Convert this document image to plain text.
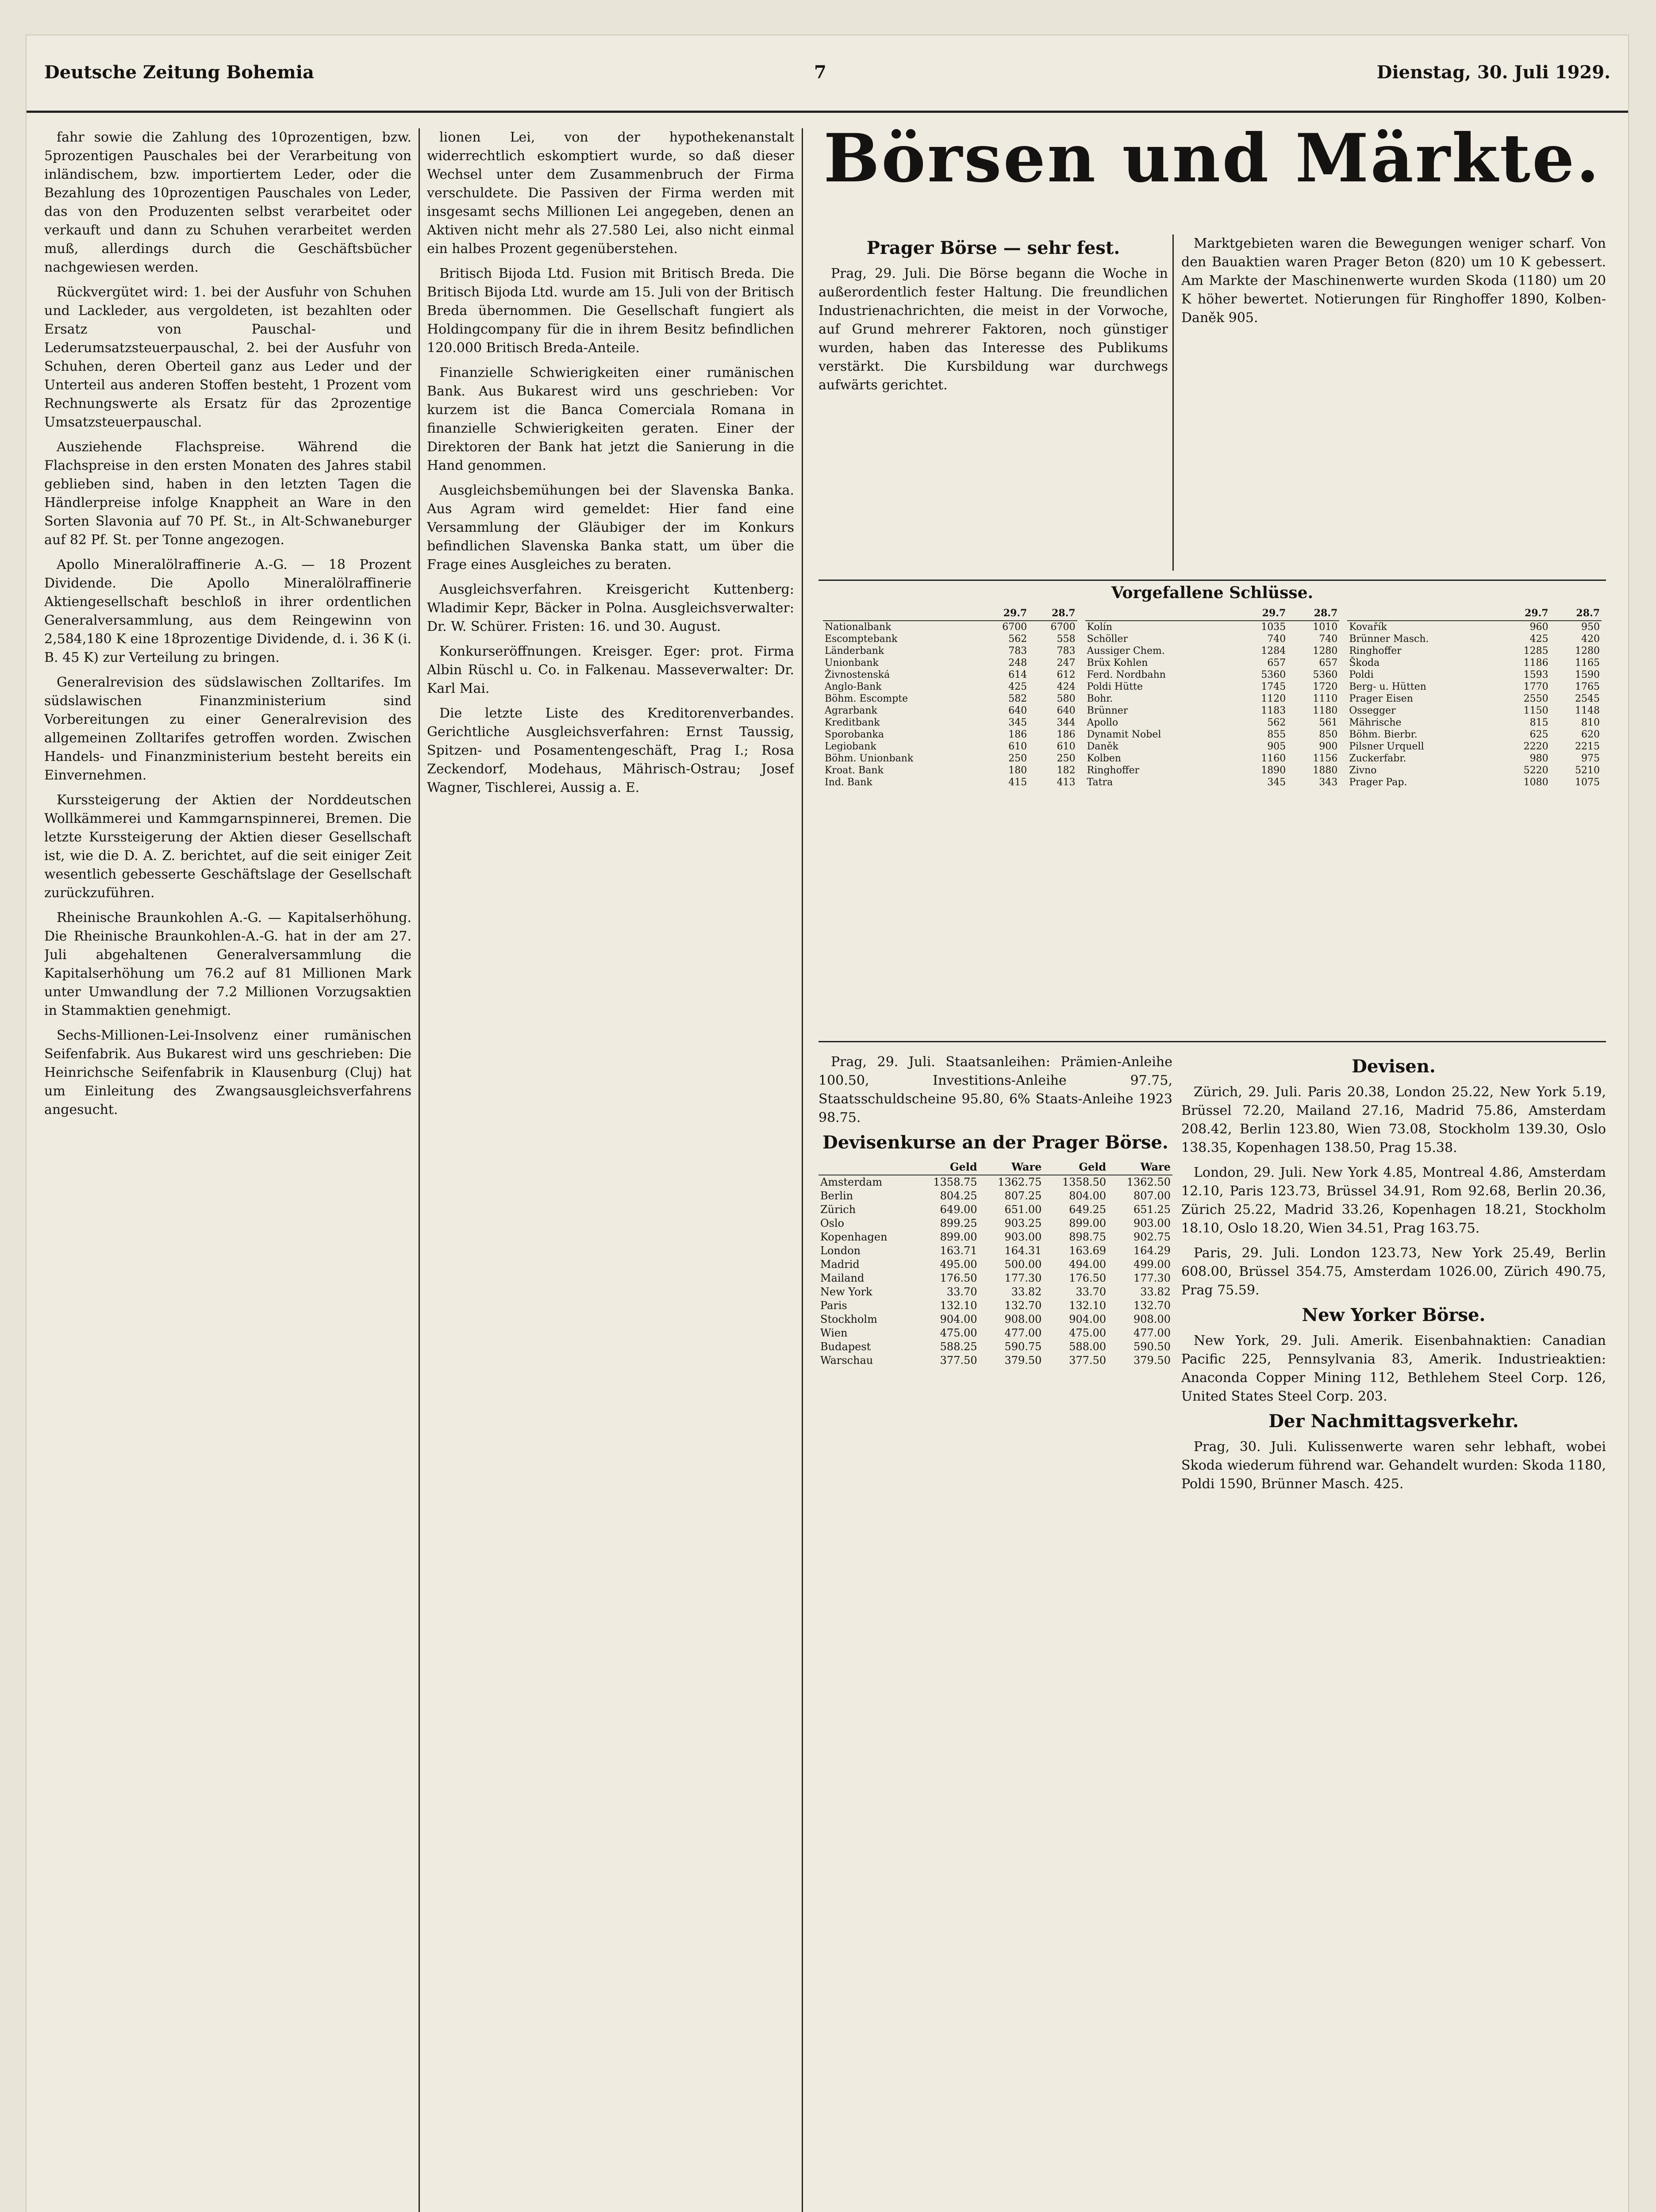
Deutsche Zeitung Bohemia	7	Dienstag, 30. Juli 1929.

fahr sowie die Zahlung des 10prozentigen, bzw. 5prozentigen Pauschales bei der Verarbeitung von inländischem, bzw. importiertem Leder, oder die Bezahlung des 10prozentigen Pauschales von Leder, das von den Produzenten selbst verarbeitet oder verkauft und dann zu Schuhen verarbeitet werden muß, allerdings durch die Geschäftsbücher nachgewiesen werden.

Rückvergütet wird: 1. bei der Ausfuhr von Schuhen und Lackleder, aus vergoldeten, ist bezahlten oder Ersatz von Pauschal- und Lederumsatzsteuerpauschal, 2. bei der Ausfuhr von Schuhen, deren Oberteil ganz aus Leder und der Unterteil aus anderen Stoffen besteht, 1 Prozent vom Rechnungswerte als Ersatz für das 2prozentige Umsatzsteuerpauschal.

Ausziehende Flachspreise. Während die Flachspreise in den ersten Monaten des Jahres stabil geblieben sind, haben in den letzten Tagen die Händlerpreise infolge Knappheit an Ware in den Sorten Slavonia auf 70 Pf. St., in Alt-Schwaneburger auf 82 Pf. St. per Tonne angezogen.

Apollo Mineralölraffinerie A.-G. — 18 Prozent Dividende. Die Apollo Mineralölraffinerie Aktiengesellschaft beschloß in ihrer ordentlichen Generalversammlung, aus dem Reingewinn von 2,584,180 K eine 18prozentige Dividende, d. i. 36 K (i. B. 45 K) zur Verteilung zu bringen.

Generalrevision des südslawischen Zolltarifes. Im südslawischen Finanzministerium sind Vorbereitungen zu einer Generalrevision des allgemeinen Zolltarifes getroffen worden. Zwischen Handels- und Finanzministerium besteht bereits ein Einvernehmen.

Kurssteigerung der Aktien der Norddeutschen Wollkämmerei und Kammgarnspinnerei, Bremen. Die letzte Kurssteigerung der Aktien dieser Gesellschaft ist, wie die D. A. Z. berichtet, auf die seit einiger Zeit wesentlich gebesserte Geschäftslage der Gesellschaft zurückzuführen.

Rheinische Braunkohlen A.-G. — Kapitalserhöhung. Die Rheinische Braunkohlen-A.-G. hat in der am 27. Juli abgehaltenen Generalversammlung die Kapitalserhöhung um 76.2 auf 81 Millionen Mark unter Umwandlung der 7.2 Millionen Vorzugsaktien in Stammaktien genehmigt.

Sechs-Millionen-Lei-Insolvenz einer rumänischen Seifenfabrik. Aus Bukarest wird uns geschrieben: Die Heinrichsche Seifenfabrik in Klausenburg (Cluj) hat um Einleitung des Zwangsausgleichsverfahrens angesucht.

lionen Lei, von der hypothekenanstalt widerrechtlich eskomptiert wurde, so daß dieser Wechsel unter dem Zusammenbruch der Firma verschuldete. Die Passiven der Firma werden mit insgesamt sechs Millionen Lei angegeben, denen an Aktiven nicht mehr als 27.580 Lei, also nicht einmal ein halbes Prozent gegenüberstehen.

Britisch Bijoda Ltd. Fusion mit Britisch Breda. Die Britisch Bijoda Ltd. wurde am 15. Juli von der Britisch Breda übernommen. Die Gesellschaft fungiert als Holdingcompany für die in ihrem Besitz befindlichen 120.000 Britisch Breda-Anteile.

Finanzielle Schwierigkeiten einer rumänischen Bank. Aus Bukarest wird uns geschrieben: Vor kurzem ist die Banca Comerciala Romana in finanzielle Schwierigkeiten geraten. Einer der Direktoren der Bank hat jetzt die Sanierung in die Hand genommen.

Ausgleichsbemühungen bei der Slavenska Banka. Aus Agram wird gemeldet: Hier fand eine Versammlung der Gläubiger der im Konkurs befindlichen Slavenska Banka statt, um über die Frage eines Ausgleiches zu beraten.

Ausgleichsverfahren. Kreisgericht Kuttenberg: Wladimir Kepr, Bäcker in Polna. Ausgleichsverwalter: Dr. W. Schürer. Fristen: 16. und 30. August.

Konkurseröffnungen. Kreisger. Eger: prot. Firma Albin Rüschl u. Co. in Falkenau. Masseverwalter: Dr. Karl Mai.

Die letzte Liste des Kreditorenverbandes. Gerichtliche Ausgleichsverfahren: Ernst Taussig, Spitzen- und Posamentengeschäft, Prag I.; Rosa Zeckendorf, Modehaus, Mährisch-Ostrau; Josef Wagner, Tischlerei, Aussig a. E.

Börsen und Märkte.
Prager Börse — sehr fest.

Prag, 29. Juli. Die Börse begann die Woche in außerordentlich fester Haltung. Die freundlichen Industrienachrichten, die meist in der Vorwoche, auf Grund mehrerer Faktoren, noch günstiger wurden, haben das Interesse des Publikums verstärkt. Die Kursbildung war durchwegs aufwärts gerichtet.

Marktgebieten waren die Bewegungen weniger scharf. Von den Bauaktien waren Prager Beton (820) um 10 K gebessert. Am Markte der Maschinenwerte wurden Skoda (1180) um 20 K höher bewertet. Notierungen für Ringhoffer 1890, Kolben-Daněk 905.

Vorgefallene Schlüsse.
	29.7	28.7
Nationalbank	6700	6700
Escomptebank	562	558
Länderbank	783	783
Unionbank	248	247
Živnostenská	614	612
Anglo-Bank	425	424
Böhm. Escompte	582	580
Agrarbank	640	640
Kreditbank	345	344
Sporobanka	186	186
Legiobank	610	610
Böhm. Unionbank	250	250
Kroat. Bank	180	182
Ind. Bank	415	413
	29.7	28.7
Kolín	1035	1010
Schöller	740	740
Aussiger Chem.	1284	1280
Brüx Kohlen	657	657
Ferd. Nordbahn	5360	5360
Poldi Hütte	1745	1720
Bohr.	1120	1110
Brünner	1183	1180
Apollo	562	561
Dynamit Nobel	855	850
Daněk	905	900
Kolben	1160	1156
Ringhoffer	1890	1880
Tatra	345	343
	29.7	28.7
Kovařík	960	950
Brünner Masch.	425	420
Ringhoffer	1285	1280
Škoda	1186	1165
Poldi	1593	1590
Berg- u. Hütten	1770	1765
Prager Eisen	2550	2545
Ossegger	1150	1148
Mährische	815	810
Böhm. Bierbr.	625	620
Pilsner Urquell	2220	2215
Zuckerfabr.	980	975
Zivno	5220	5210
Prager Pap.	1080	1075

Prag, 29. Juli. Staatsanleihen: Prämien-Anleihe 100.50, Investitions-Anleihe 97.75, Staatsschuldscheine 95.80, 6% Staats-Anleihe 1923 98.75.

Devisenkurse an der Prager Börse.
	Geld	Ware	Geld	Ware
Amsterdam	1358.75	1362.75	1358.50	1362.50
Berlin	804.25	807.25	804.00	807.00
Zürich	649.00	651.00	649.25	651.25
Oslo	899.25	903.25	899.00	903.00
Kopenhagen	899.00	903.00	898.75	902.75
London	163.71	164.31	163.69	164.29
Madrid	495.00	500.00	494.00	499.00
Mailand	176.50	177.30	176.50	177.30
New York	33.70	33.82	33.70	33.82
Paris	132.10	132.70	132.10	132.70
Stockholm	904.00	908.00	904.00	908.00
Wien	475.00	477.00	475.00	477.00
Budapest	588.25	590.75	588.00	590.50
Warschau	377.50	379.50	377.50	379.50
Devisen.

Zürich, 29. Juli. Paris 20.38, London 25.22, New York 5.19, Brüssel 72.20, Mailand 27.16, Madrid 75.86, Amsterdam 208.42, Berlin 123.80, Wien 73.08, Stockholm 139.30, Oslo 138.35, Kopenhagen 138.50, Prag 15.38.

London, 29. Juli. New York 4.85, Montreal 4.86, Amsterdam 12.10, Paris 123.73, Brüssel 34.91, Rom 92.68, Berlin 20.36, Zürich 25.22, Madrid 33.26, Kopenhagen 18.21, Stockholm 18.10, Oslo 18.20, Wien 34.51, Prag 163.75.

Paris, 29. Juli. London 123.73, New York 25.49, Berlin 608.00, Brüssel 354.75, Amsterdam 1026.00, Zürich 490.75, Prag 75.59.

New Yorker Börse.

New York, 29. Juli. Amerik. Eisenbahnaktien: Canadian Pacific 225, Pennsylvania 83, Amerik. Industrieaktien: Anaconda Copper Mining 112, Bethlehem Steel Corp. 126, United States Steel Corp. 203.

Der Nachmittagsverkehr.

Prag, 30. Juli. Kulissenwerte waren sehr lebhaft, wobei Skoda wiederum führend war. Gehandelt wurden: Skoda 1180, Poldi 1590, Brünner Masch. 425.
